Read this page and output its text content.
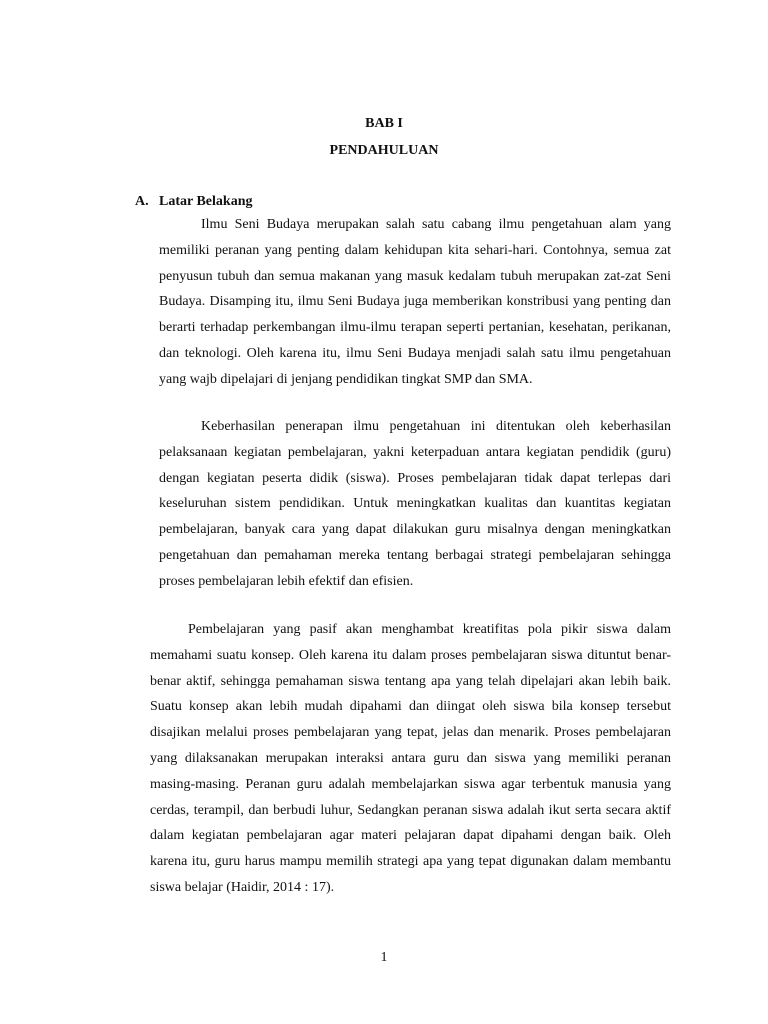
BAB I
PENDAHULUAN
A. Latar Belakang

Ilmu Seni Budaya merupakan salah satu cabang ilmu pengetahuan alam yang memiliki peranan yang penting dalam kehidupan kita sehari-hari. Contohnya, semua zat penyusun tubuh dan semua makanan yang masuk kedalam tubuh merupakan zat-zat Seni Budaya. Disamping itu, ilmu Seni Budaya juga memberikan konstribusi yang penting dan berarti terhadap perkembangan ilmu-ilmu terapan seperti pertanian, kesehatan, perikanan, dan teknologi. Oleh karena itu, ilmu Seni Budaya menjadi salah satu ilmu pengetahuan yang wajb dipelajari di jenjang pendidikan tingkat SMP dan SMA.

Keberhasilan penerapan ilmu pengetahuan ini ditentukan oleh keberhasilan pelaksanaan kegiatan pembelajaran, yakni keterpaduan antara kegiatan pendidik (guru) dengan kegiatan peserta didik (siswa). Proses pembelajaran tidak dapat terlepas dari keseluruhan sistem pendidikan. Untuk meningkatkan kualitas dan kuantitas kegiatan pembelajaran, banyak cara yang dapat dilakukan guru misalnya dengan meningkatkan pengetahuan dan pemahaman mereka tentang berbagai strategi pembelajaran sehingga proses pembelajaran lebih efektif dan efisien.

Pembelajaran yang pasif akan menghambat kreatifitas pola pikir siswa dalam memahami suatu konsep. Oleh karena itu dalam proses pembelajaran siswa dituntut benar-benar aktif, sehingga pemahaman siswa tentang apa yang telah dipelajari akan lebih baik. Suatu konsep akan lebih mudah dipahami dan diingat oleh siswa bila konsep tersebut disajikan melalui proses pembelajaran yang tepat, jelas dan menarik. Proses pembelajaran yang dilaksanakan merupakan interaksi antara guru dan siswa yang memiliki peranan masing-masing. Peranan guru adalah membelajarkan siswa agar terbentuk manusia yang cerdas, terampil, dan berbudi luhur, Sedangkan peranan siswa adalah ikut serta secara aktif dalam kegiatan pembelajaran agar materi pelajaran dapat dipahami dengan baik. Oleh karena itu, guru harus mampu memilih strategi apa yang tepat digunakan dalam membantu siswa belajar (Haidir, 2014 : 17).

1
